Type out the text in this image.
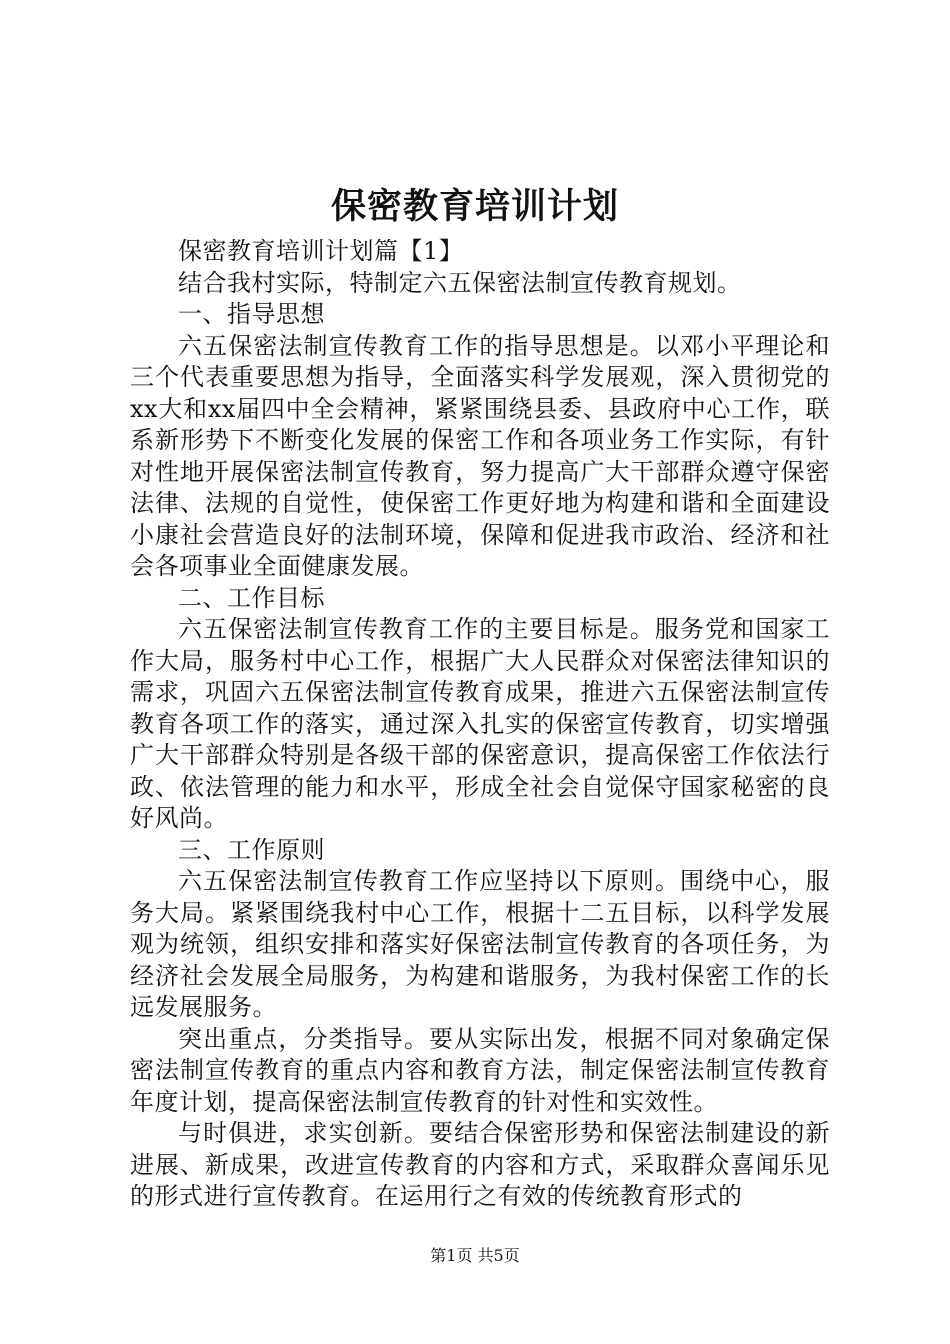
保密教育培训计划

保密教育培训计划篇【1】

结合我村实际，特制定六五保密法制宣传教育规划。

一、指导思想

六五保密法制宣传教育工作的指导思想是。以邓小平理论和三个代表重要思想为指导，全面落实科学发展观，深入贯彻党的xx大和xx届四中全会精神，紧紧围绕县委、县政府中心工作，联系新形势下不断变化发展的保密工作和各项业务工作实际，有针对性地开展保密法制宣传教育，努力提高广大干部群众遵守保密法律、法规的自觉性，使保密工作更好地为构建和谐和全面建设小康社会营造良好的法制环境，保障和促进我市政治、经济和社会各项事业全面健康发展。

二、工作目标

六五保密法制宣传教育工作的主要目标是。服务党和国家工作大局，服务村中心工作，根据广大人民群众对保密法律知识的需求，巩固六五保密法制宣传教育成果，推进六五保密法制宣传教育各项工作的落实，通过深入扎实的保密宣传教育，切实增强广大干部群众特别是各级干部的保密意识，提高保密工作依法行政、依法管理的能力和水平，形成全社会自觉保守国家秘密的良好风尚。

三、工作原则

六五保密法制宣传教育工作应坚持以下原则。围绕中心，服务大局。紧紧围绕我村中心工作，根据十二五目标，以科学发展观为统领，组织安排和落实好保密法制宣传教育的各项任务，为经济社会发展全局服务，为构建和谐服务，为我村保密工作的长远发展服务。

突出重点，分类指导。要从实际出发，根据不同对象确定保密法制宣传教育的重点内容和教育方法，制定保密法制宣传教育年度计划，提高保密法制宣传教育的针对性和实效性。

与时俱进，求实创新。要结合保密形势和保密法制建设的新进展、新成果，改进宣传教育的内容和方式，采取群众喜闻乐见的形式进行宣传教育。在运用行之有效的传统教育形式的

第1页 共5页
